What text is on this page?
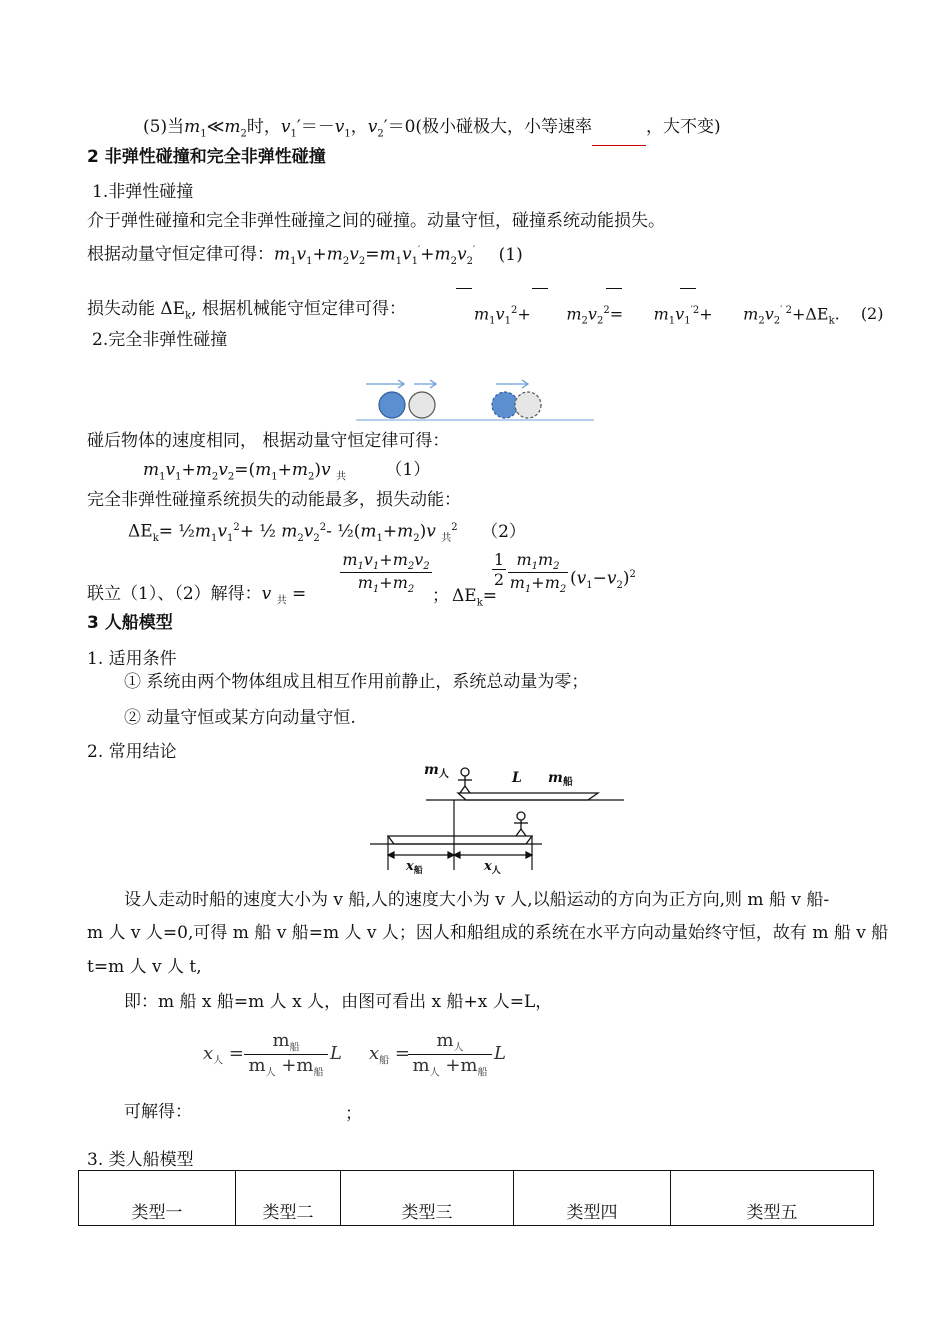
(5)当$m_1≪m_2$时，$v_1'=-v_1$，$v_2'=0$(极小碰极大，小等速率	，大不变)
2 非弹性碰撞和完全非弹性碰撞
1.非弹性碰撞
介于弹性碰撞和完全非弹性碰撞之间的碰撞。动量守恒，碰撞系统动能损失。
根据动量守恒定律可得：$m_1v_1+m_2v_2=m_1v_1'+m_2v_2'$ (1)
损失动能 $\Delta E_k$, 根据机械能守恒定律可得：	$m_1v_1^2+$       $m_2v_2^2=$      $m_1v_1^{'2}+$      $m_2v_2^{' 2}+\Delta E_k$. (2)
2.完全非弹性碰撞
碰后物体的速度相同， 根据动量守恒定律可得：
$m_1v_1+m_2v_2=(m_1+m_2)v$ $_共$ （1）
完全非弹性碰撞系统损失的动能最多，损失动能：
$\Delta E_k=$ $\frac{1}{2}m_1v_1^2+$ ½ $m_2v_2^2-$ $\frac{1}{2}(m_1+m_2)v$ $_共^2$ （2）
联立（1）、（2）解得：v $_共 = \frac{m_1v_1+m_2v_2}{m_1+m_2}$
； $\Delta E_k=$
$\frac{1}{2} \frac{m_1m_2}{m_1+m_2} (v_1-v_2)^2$
3 人船模型
1. 适用条件
① 系统由两个物体组成且相互作用前静止，系统总动量为零；
② 动量守恒或某方向动量守恒.
2. 常用结论
$m_人$	L $m_船$
$x_船$	$x_人$
设人走动时船的速度大小为 v 船,人的速度大小为 v 人,以船运动的方向为正方向,则 m 船 v 船-
m 人 v 人=0,可得 m 船 v 船=m 人 v 人；因人和船组成的系统在水平方向动量始终守恒，故有 m 船 v 船
t=m 人 v 人 t,
即：m 船 x 船=m 人 x 人，由图可看出 x 船+x 人=L，
$x_人$ =
$m_船$
$m_人 +m_船$
L $x_船$ =
$m_人$
$m_人 +m_船$
L
可解得：	；
3. 类人船模型
类型一	类型二	类型三	类型四	类型五
